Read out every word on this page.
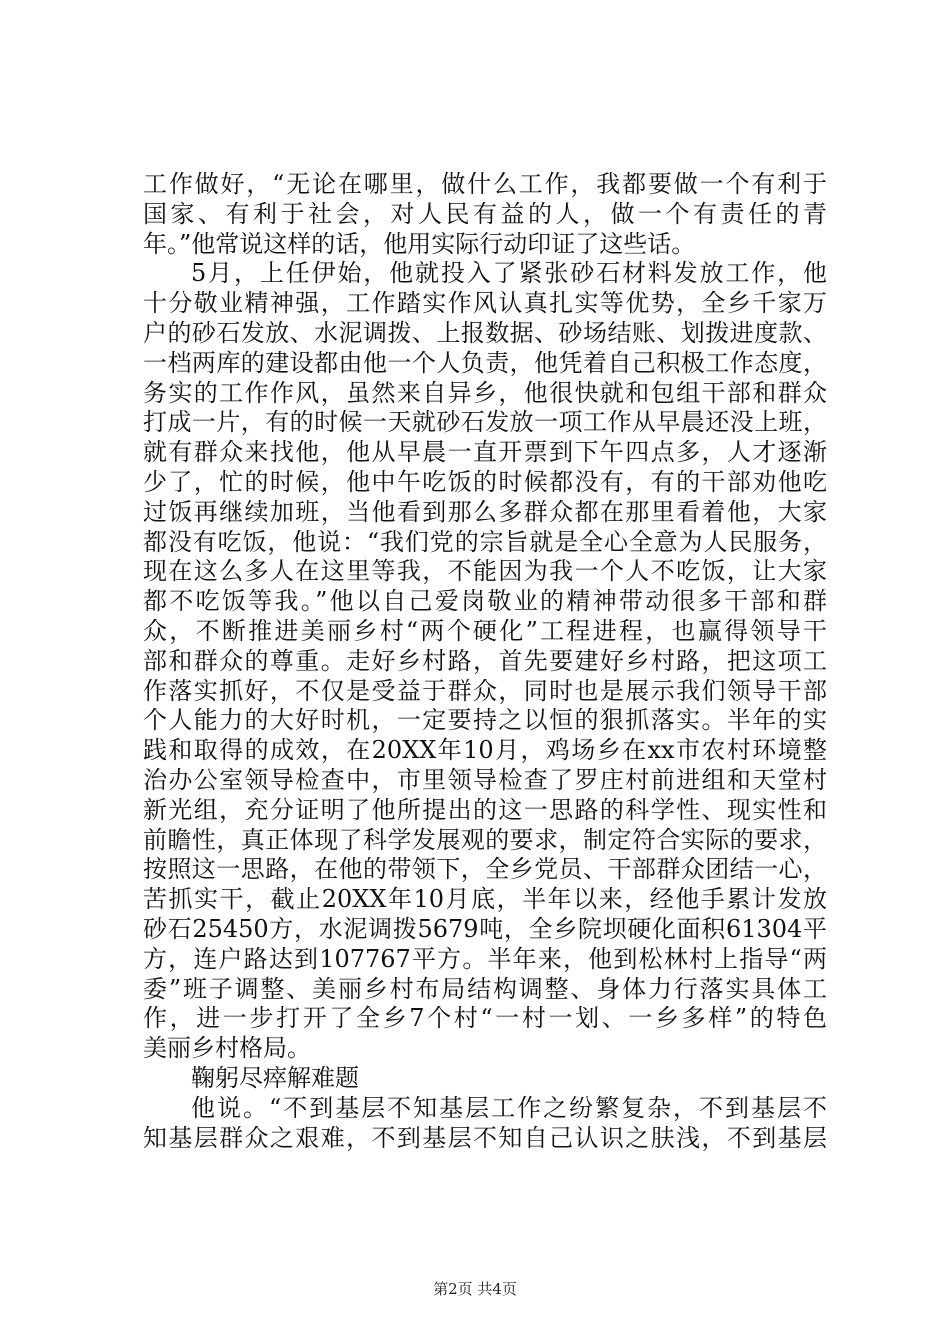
工作做好，“无论在哪里，做什么工作，我都要做一个有利于
国家、有利于社会，对人民有益的人，做一个有责任的青
年。”他常说这样的话，他用实际行动印证了这些话。
5月，上任伊始，他就投入了紧张砂石材料发放工作，他
十分敬业精神强，工作踏实作风认真扎实等优势，全乡千家万
户的砂石发放、水泥调拨、上报数据、砂场结账、划拨进度款、
一档两库的建设都由他一个人负责，他凭着自己积极工作态度，
务实的工作作风，虽然来自异乡，他很快就和包组干部和群众
打成一片，有的时候一天就砂石发放一项工作从早晨还没上班，
就有群众来找他，他从早晨一直开票到下午四点多，人才逐渐
少了，忙的时候，他中午吃饭的时候都没有，有的干部劝他吃
过饭再继续加班，当他看到那么多群众都在那里看着他，大家
都没有吃饭，他说：“我们党的宗旨就是全心全意为人民服务，
现在这么多人在这里等我，不能因为我一个人不吃饭，让大家
都不吃饭等我。”他以自己爱岗敬业的精神带动很多干部和群
众，不断推进美丽乡村“两个硬化”工程进程，也赢得领导干
部和群众的尊重。走好乡村路，首先要建好乡村路，把这项工
作落实抓好，不仅是受益于群众，同时也是展示我们领导干部
个人能力的大好时机，一定要持之以恒的狠抓落实。半年的实
践和取得的成效，在20XX年10月，鸡场乡在xx市农村环境整
治办公室领导检查中，市里领导检查了罗庄村前进组和天堂村
新光组，充分证明了他所提出的这一思路的科学性、现实性和
前瞻性，真正体现了科学发展观的要求，制定符合实际的要求，
按照这一思路，在他的带领下，全乡党员、干部群众团结一心，
苦抓实干，截止20XX年10月底，半年以来，经他手累计发放
砂石25450方，水泥调拨5679吨，全乡院坝硬化面积61304平
方，连户路达到107767平方。半年来，他到松林村上指导“两
委”班子调整、美丽乡村布局结构调整、身体力行落实具体工
作，进一步打开了全乡7个村“一村一划、一乡多样”的特色
美丽乡村格局。
鞠躬尽瘁解难题
他说。“不到基层不知基层工作之纷繁复杂，不到基层不
知基层群众之艰难，不到基层不知自己认识之肤浅，不到基层
第2页 共4页
